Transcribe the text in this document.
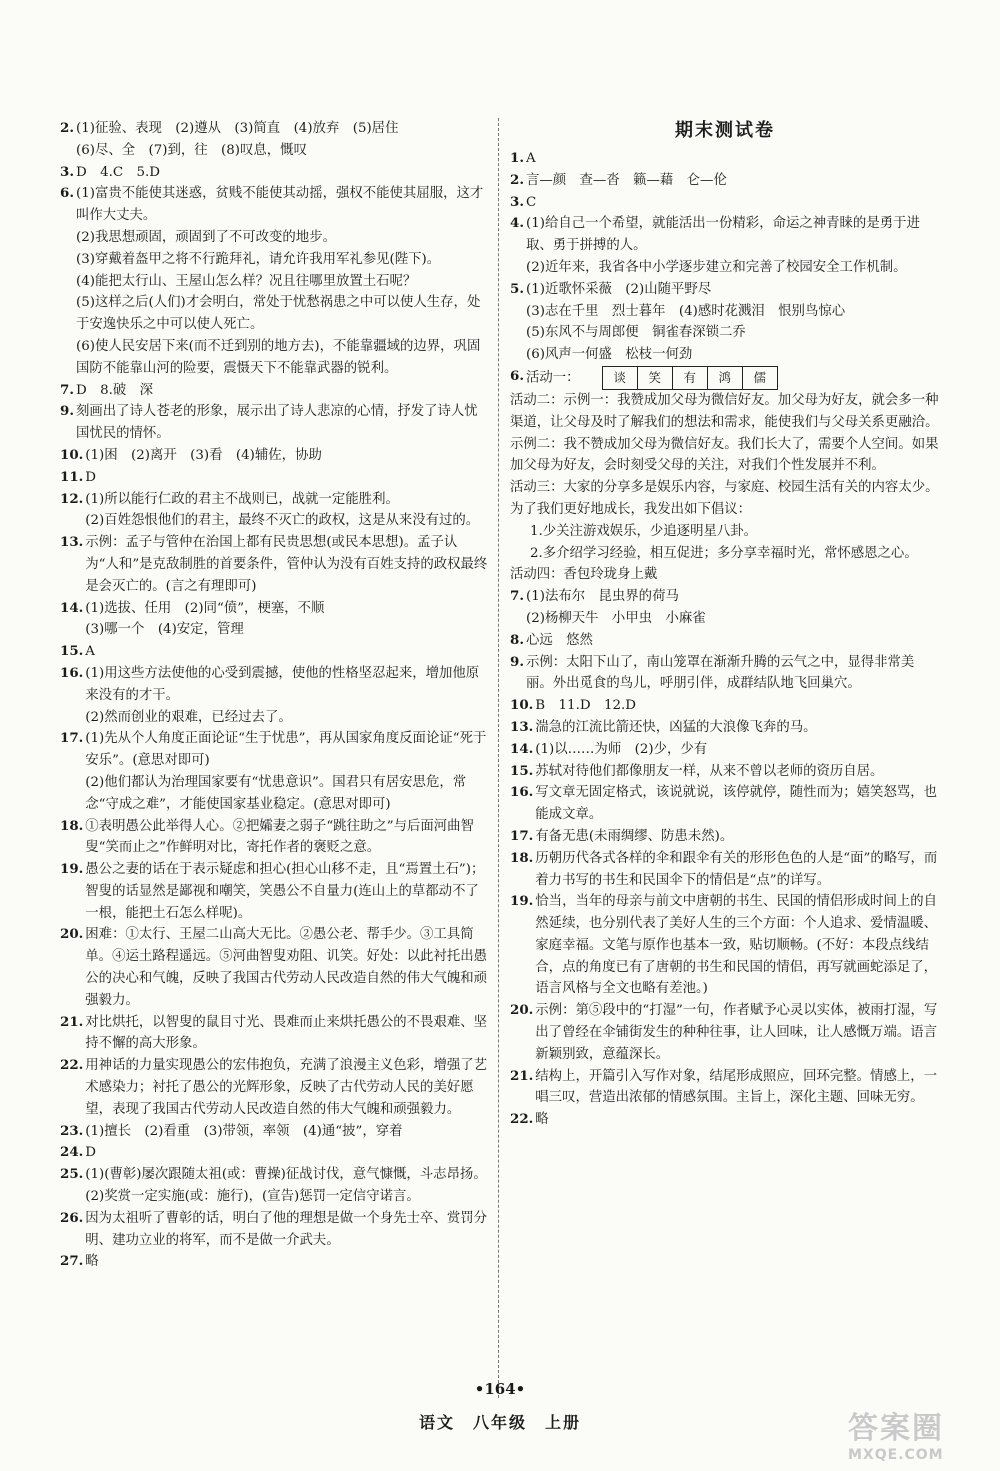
2. (1)征验、表现　(2)遵从　(3)简直　(4)放弃　(5)居住
(6)尽、全　(7)到，往　(8)叹息，慨叹
3. D　4.C　5.D
6. (1)富贵不能使其迷惑，贫贱不能使其动摇，强权不能使其屈服，这才叫作大丈夫。
(2)我思想顽固，顽固到了不可改变的地步。
(3)穿戴着盔甲之将不行跪拜礼，请允许我用军礼参见(陛下)。
(4)能把太行山、王屋山怎么样？况且往哪里放置土石呢？
(5)这样之后(人们)才会明白，常处于忧愁祸患之中可以使人生存，处于安逸快乐之中可以使人死亡。
(6)使人民安居下来(而不迁到别的地方去)，不能靠疆域的边界，巩固国防不能靠山河的险要，震慑天下不能靠武器的锐利。
7. D　8.破　深
9. 刻画出了诗人苍老的形象，展示出了诗人悲凉的心情，抒发了诗人忧国忧民的情怀。
10. (1)困　(2)离开　(3)看　(4)辅佐，协助
11. D
12. (1)所以能行仁政的君主不战则已，战就一定能胜利。
(2)百姓怨恨他们的君主，最终不灭亡的政权，这是从来没有过的。
13. 示例：孟子与管仲在治国上都有民贵思想(或民本思想)。孟子认为“人和”是克敌制胜的首要条件，管仲认为没有百姓支持的政权最终是会灭亡的。(言之有理即可)
14. (1)选拔、任用　(2)同“偾”，梗塞，不顺
(3)哪一个　(4)安定，管理
15. A
16. (1)用这些方法使他的心受到震撼，使他的性格坚忍起来，增加他原来没有的才干。
(2)然而创业的艰难，已经过去了。
17. (1)先从个人角度正面论证“生于忧患”，再从国家角度反面论证“死于安乐”。(意思对即可)
(2)他们都认为治理国家要有“忧患意识”。国君只有居安思危，常念“守成之难”，才能使国家基业稳定。(意思对即可)
18. ①表明愚公此举得人心。②把孀妻之弱子“跳往助之”与后面河曲智叟“笑而止之”作鲜明对比，寄托作者的褒贬之意。
19. 愚公之妻的话在于表示疑虑和担心(担心山移不走，且“焉置土石”)；智叟的话显然是鄙视和嘲笑，笑愚公不自量力(连山上的草都动不了一根，能把土石怎么样呢)。
20. 困难：①太行、王屋二山高大无比。②愚公老、帮手少。③工具简单。④运土路程遥远。⑤河曲智叟劝阻、讥笑。好处：以此衬托出愚公的决心和气魄，反映了我国古代劳动人民改造自然的伟大气魄和顽强毅力。
21. 对比烘托，以智叟的鼠目寸光、畏难而止来烘托愚公的不畏艰难、坚持不懈的高大形象。
22. 用神话的力量实现愚公的宏伟抱负，充满了浪漫主义色彩，增强了艺术感染力；衬托了愚公的光辉形象，反映了古代劳动人民的美好愿望，表现了我国古代劳动人民改造自然的伟大气魄和顽强毅力。
23. (1)擅长　(2)看重　(3)带领，率领　(4)通“披”，穿着
24. D
25. (1)(曹彰)屡次跟随太祖(或：曹操)征战讨伐，意气慷慨，斗志昂扬。
(2)奖赏一定实施(或：施行)，(宣告)惩罚一定信守诺言。
26. 因为太祖听了曹彰的话，明白了他的理想是做一个身先士卒、赏罚分明、建功立业的将军，而不是做一介武夫。
27. 略
期末测试卷
1. A
2. 言—颜　查—沓　籁—藉　仑—伦
3. C
4. (1)给自己一个希望，就能活出一份精彩，命运之神青睐的是勇于进取、勇于拼搏的人。
(2)近年来，我省各中小学逐步建立和完善了校园安全工作机制。
5. (1)近歌怀采薇　(2)山随平野尽
(3)志在千里　烈士暮年　(4)感时花溅泪　恨别鸟惊心
(5)东风不与周郎便　铜雀春深锁二乔
(6)风声一何盛　松枝一何劲
6. 活动一：	谈	笑	有	鸿	儒
活动二：示例一：我赞成加父母为微信好友。加父母为好友，就会多一种渠道，让父母及时了解我们的想法和需求，能使我们与父母关系更融洽。
示例二：我不赞成加父母为微信好友。我们长大了，需要个人空间。如果加父母为好友，会时刻受父母的关注，对我们个性发展并不利。
活动三：大家的分享多是娱乐内容，与家庭、校园生活有关的内容太少。为了我们更好地成长，我发出如下倡议：
1.少关注游戏娱乐，少追逐明星八卦。
2.多介绍学习经验，相互促进；多分享幸福时光，常怀感恩之心。
活动四：香包玲珑身上戴
7. (1)法布尔　昆虫界的荷马
(2)杨柳天牛　小甲虫　小麻雀
8. 心远　悠然
9. 示例：太阳下山了，南山笼罩在渐渐升腾的云气之中，显得非常美丽。外出觅食的鸟儿，呼朋引伴，成群结队地飞回巢穴。
10. B　11.D　12.D
13. 湍急的江流比箭还快，凶猛的大浪像飞奔的马。
14. (1)以……为师　(2)少，少有
15. 苏轼对待他们都像朋友一样，从来不曾以老师的资历自居。
16. 写文章无固定格式，该说就说，该停就停，随性而为；嬉笑怒骂，也能成文章。
17. 有备无患(未雨绸缪、防患未然)。
18. 历朝历代各式各样的伞和跟伞有关的形形色色的人是“面”的略写，而着力书写的书生和民国伞下的情侣是“点”的详写。
19. 恰当，当年的母亲与前文中唐朝的书生、民国的情侣形成时间上的自然延续，也分别代表了美好人生的三个方面：个人追求、爱情温暖、家庭幸福。文笔与原作也基本一致，贴切顺畅。(不好：本段点线结合，点的角度已有了唐朝的书生和民国的情侣，再写就画蛇添足了，语言风格与全文也略有差池。)
20. 示例：第⑤段中的“打湿”一句，作者赋予心灵以实体，被雨打湿，写出了曾经在伞铺街发生的种种往事，让人回味，让人感慨万端。语言新颖别致，意蕴深长。
21. 结构上，开篇引入写作对象，结尾形成照应，回环完整。情感上，一唱三叹，营造出浓郁的情感氛围。主旨上，深化主题、回味无穷。
22. 略
•164•
语文　八年级　上册	答案圈
MXQE.COM
